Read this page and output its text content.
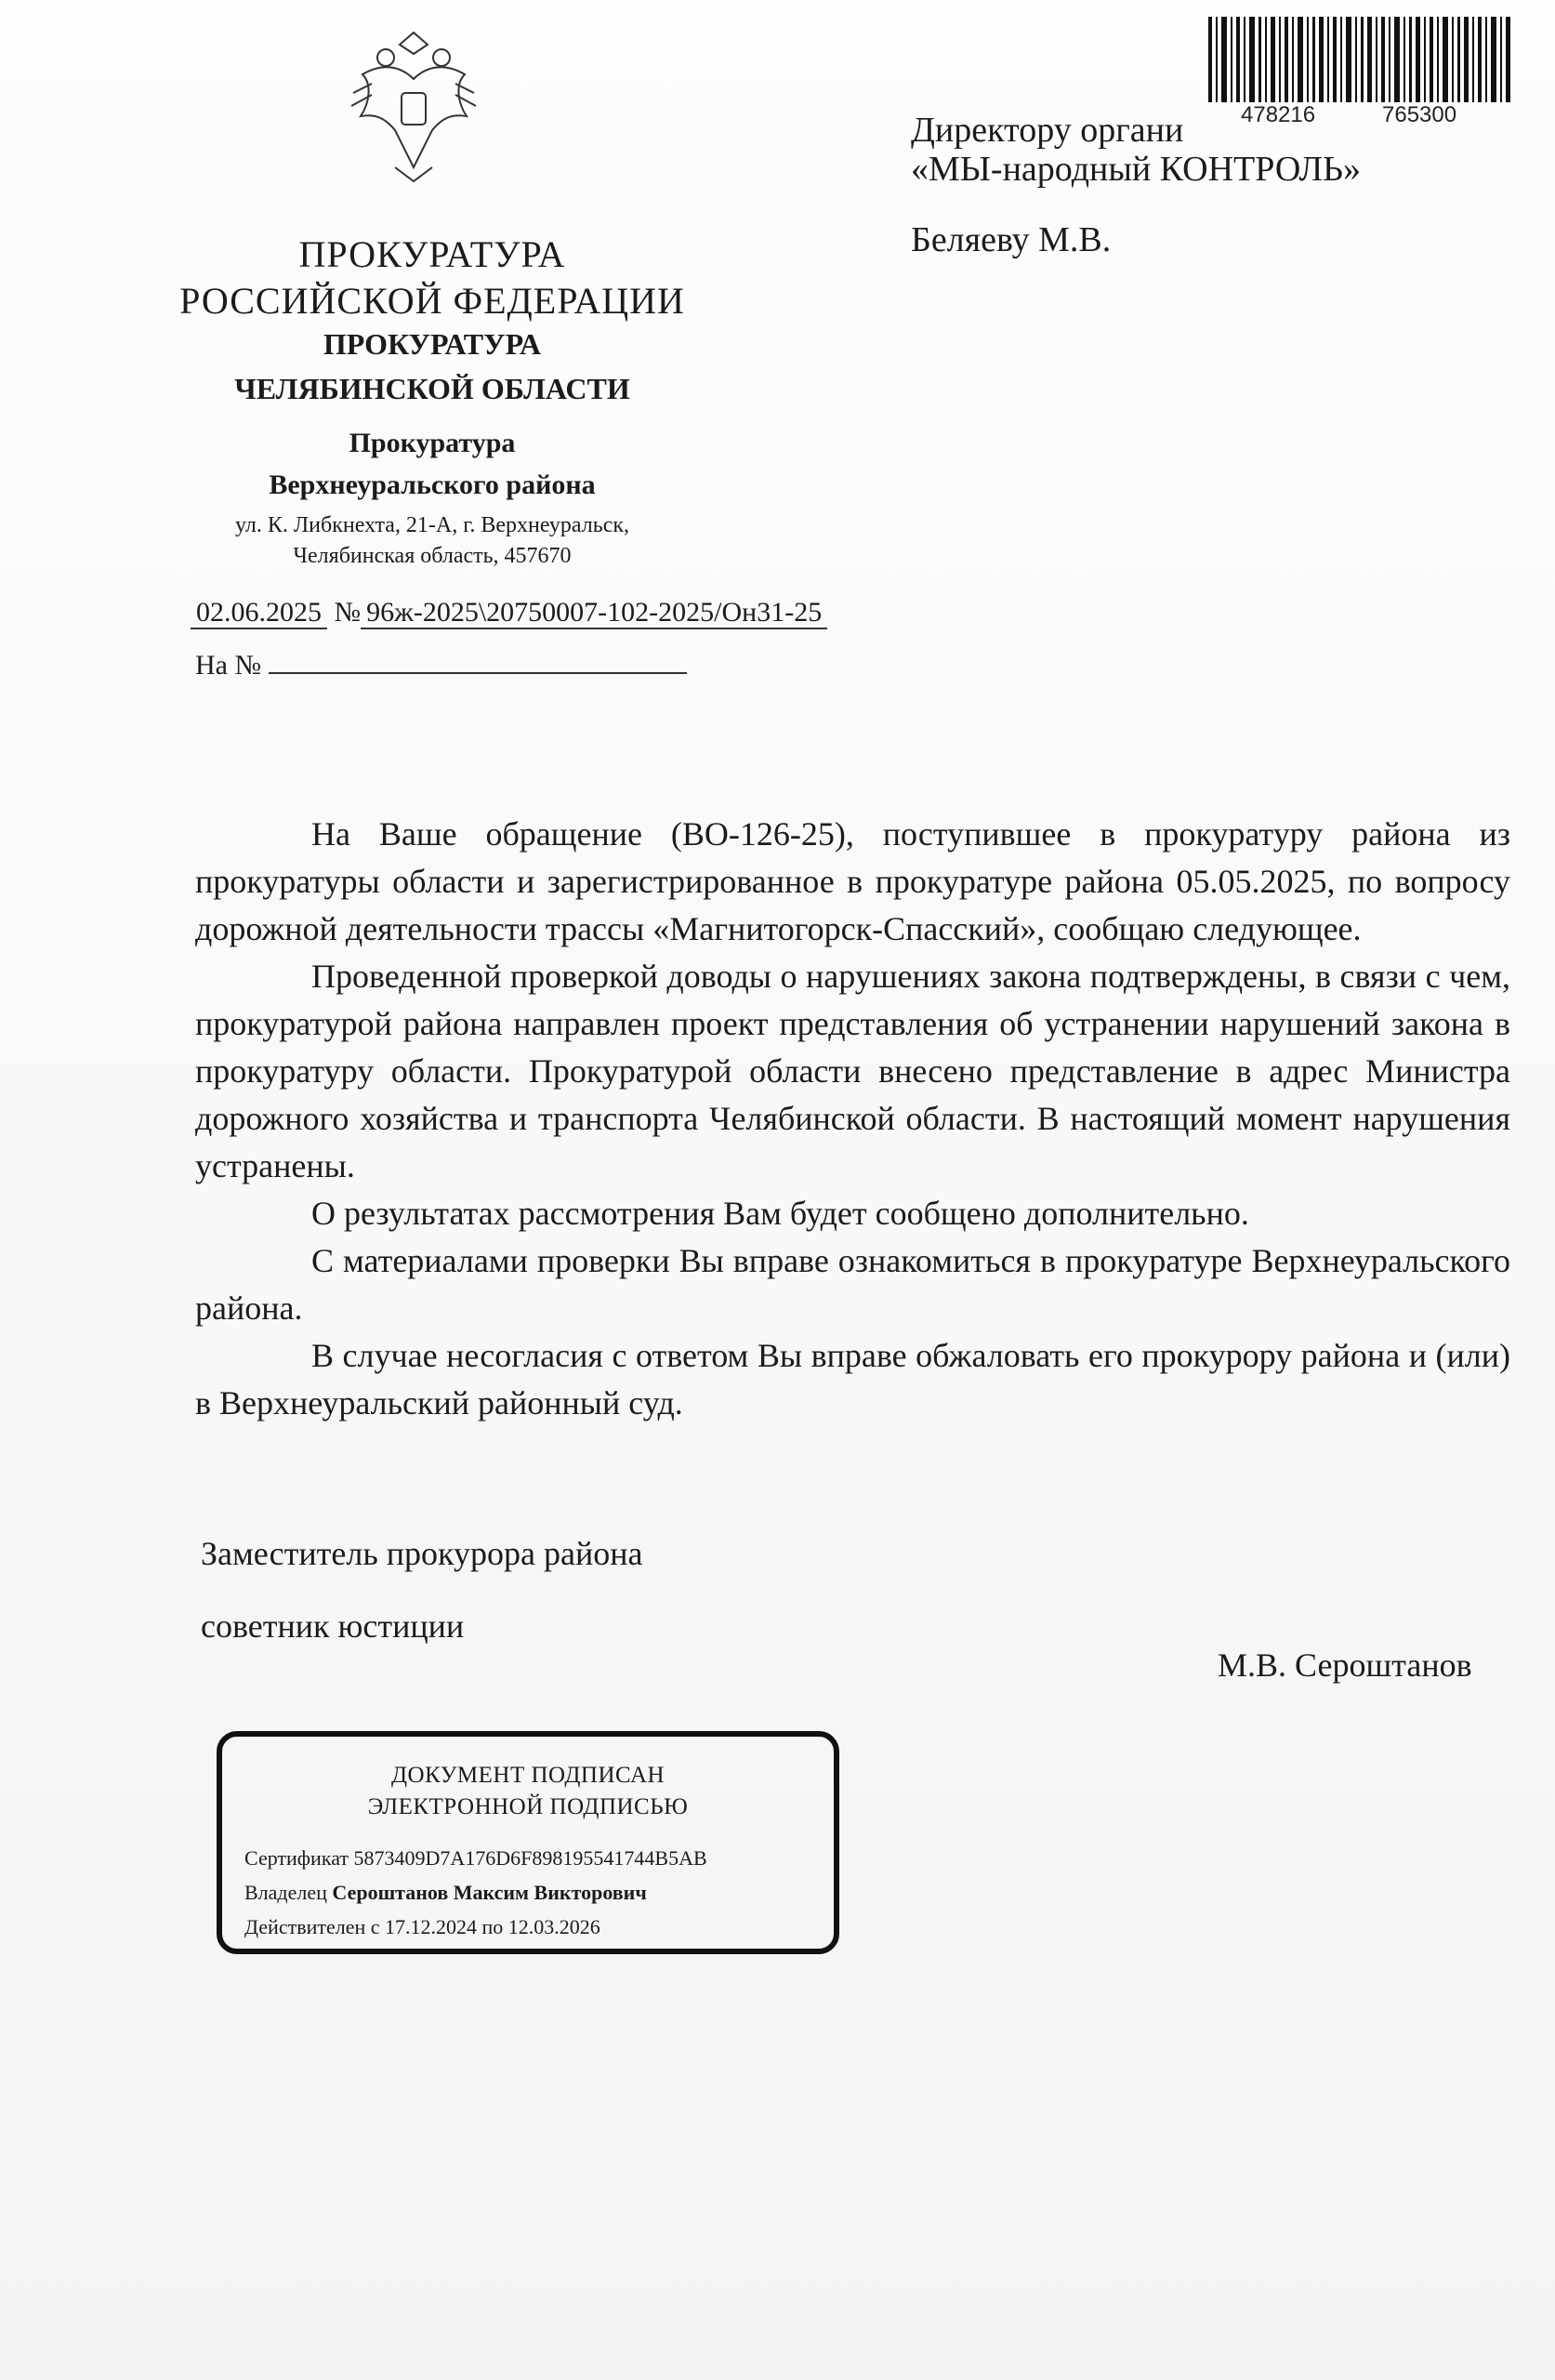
ПРОКУРАТУРА
РОССИЙСКОЙ ФЕДЕРАЦИИ
ПРОКУРАТУРА
ЧЕЛЯБИНСКОЙ ОБЛАСТИ
Прокуратура
Верхнеуральского района
ул. К. Либкнехта, 21-А, г. Верхнеуральск,
Челябинская область, 457670
02.06.2025 № 96ж-2025\20750007-102-2025/Он31-25
На №
478216	765300
Директору органи
«МЫ-народный КОНТРОЛЬ»
Беляеву М.В.

На Ваше обращение (ВО-126-25), поступившее в прокуратуру района из прокуратуры области и зарегистрированное в прокуратуре района 05.05.2025, по вопросу дорожной деятельности трассы «Магнитогорск-Спасский», сообщаю следующее.

Проведенной проверкой доводы о нарушениях закона подтверждены, в связи с чем, прокуратурой района направлен проект представления об устранении нарушений закона в прокуратуру области. Прокуратурой области внесено представление в адрес Министра дорожного хозяйства и транспорта Челябинской области. В настоящий момент нарушения устранены.

О результатах рассмотрения Вам будет сообщено дополнительно.

С материалами проверки Вы вправе ознакомиться в прокуратуре Верхнеуральского района.

В случае несогласия с ответом Вы вправе обжаловать его прокурору района и (или) в Верхнеуральский районный суд.

Заместитель прокурора района
советник юстиции
М.В. Сероштанов
ДОКУМЕНТ ПОДПИСАН
ЭЛЕКТРОННОЙ ПОДПИСЬЮ
Сертификат 5873409D7A176D6F898195541744B5AB
Владелец Сероштанов Максим Викторович
Действителен с 17.12.2024 по 12.03.2026
